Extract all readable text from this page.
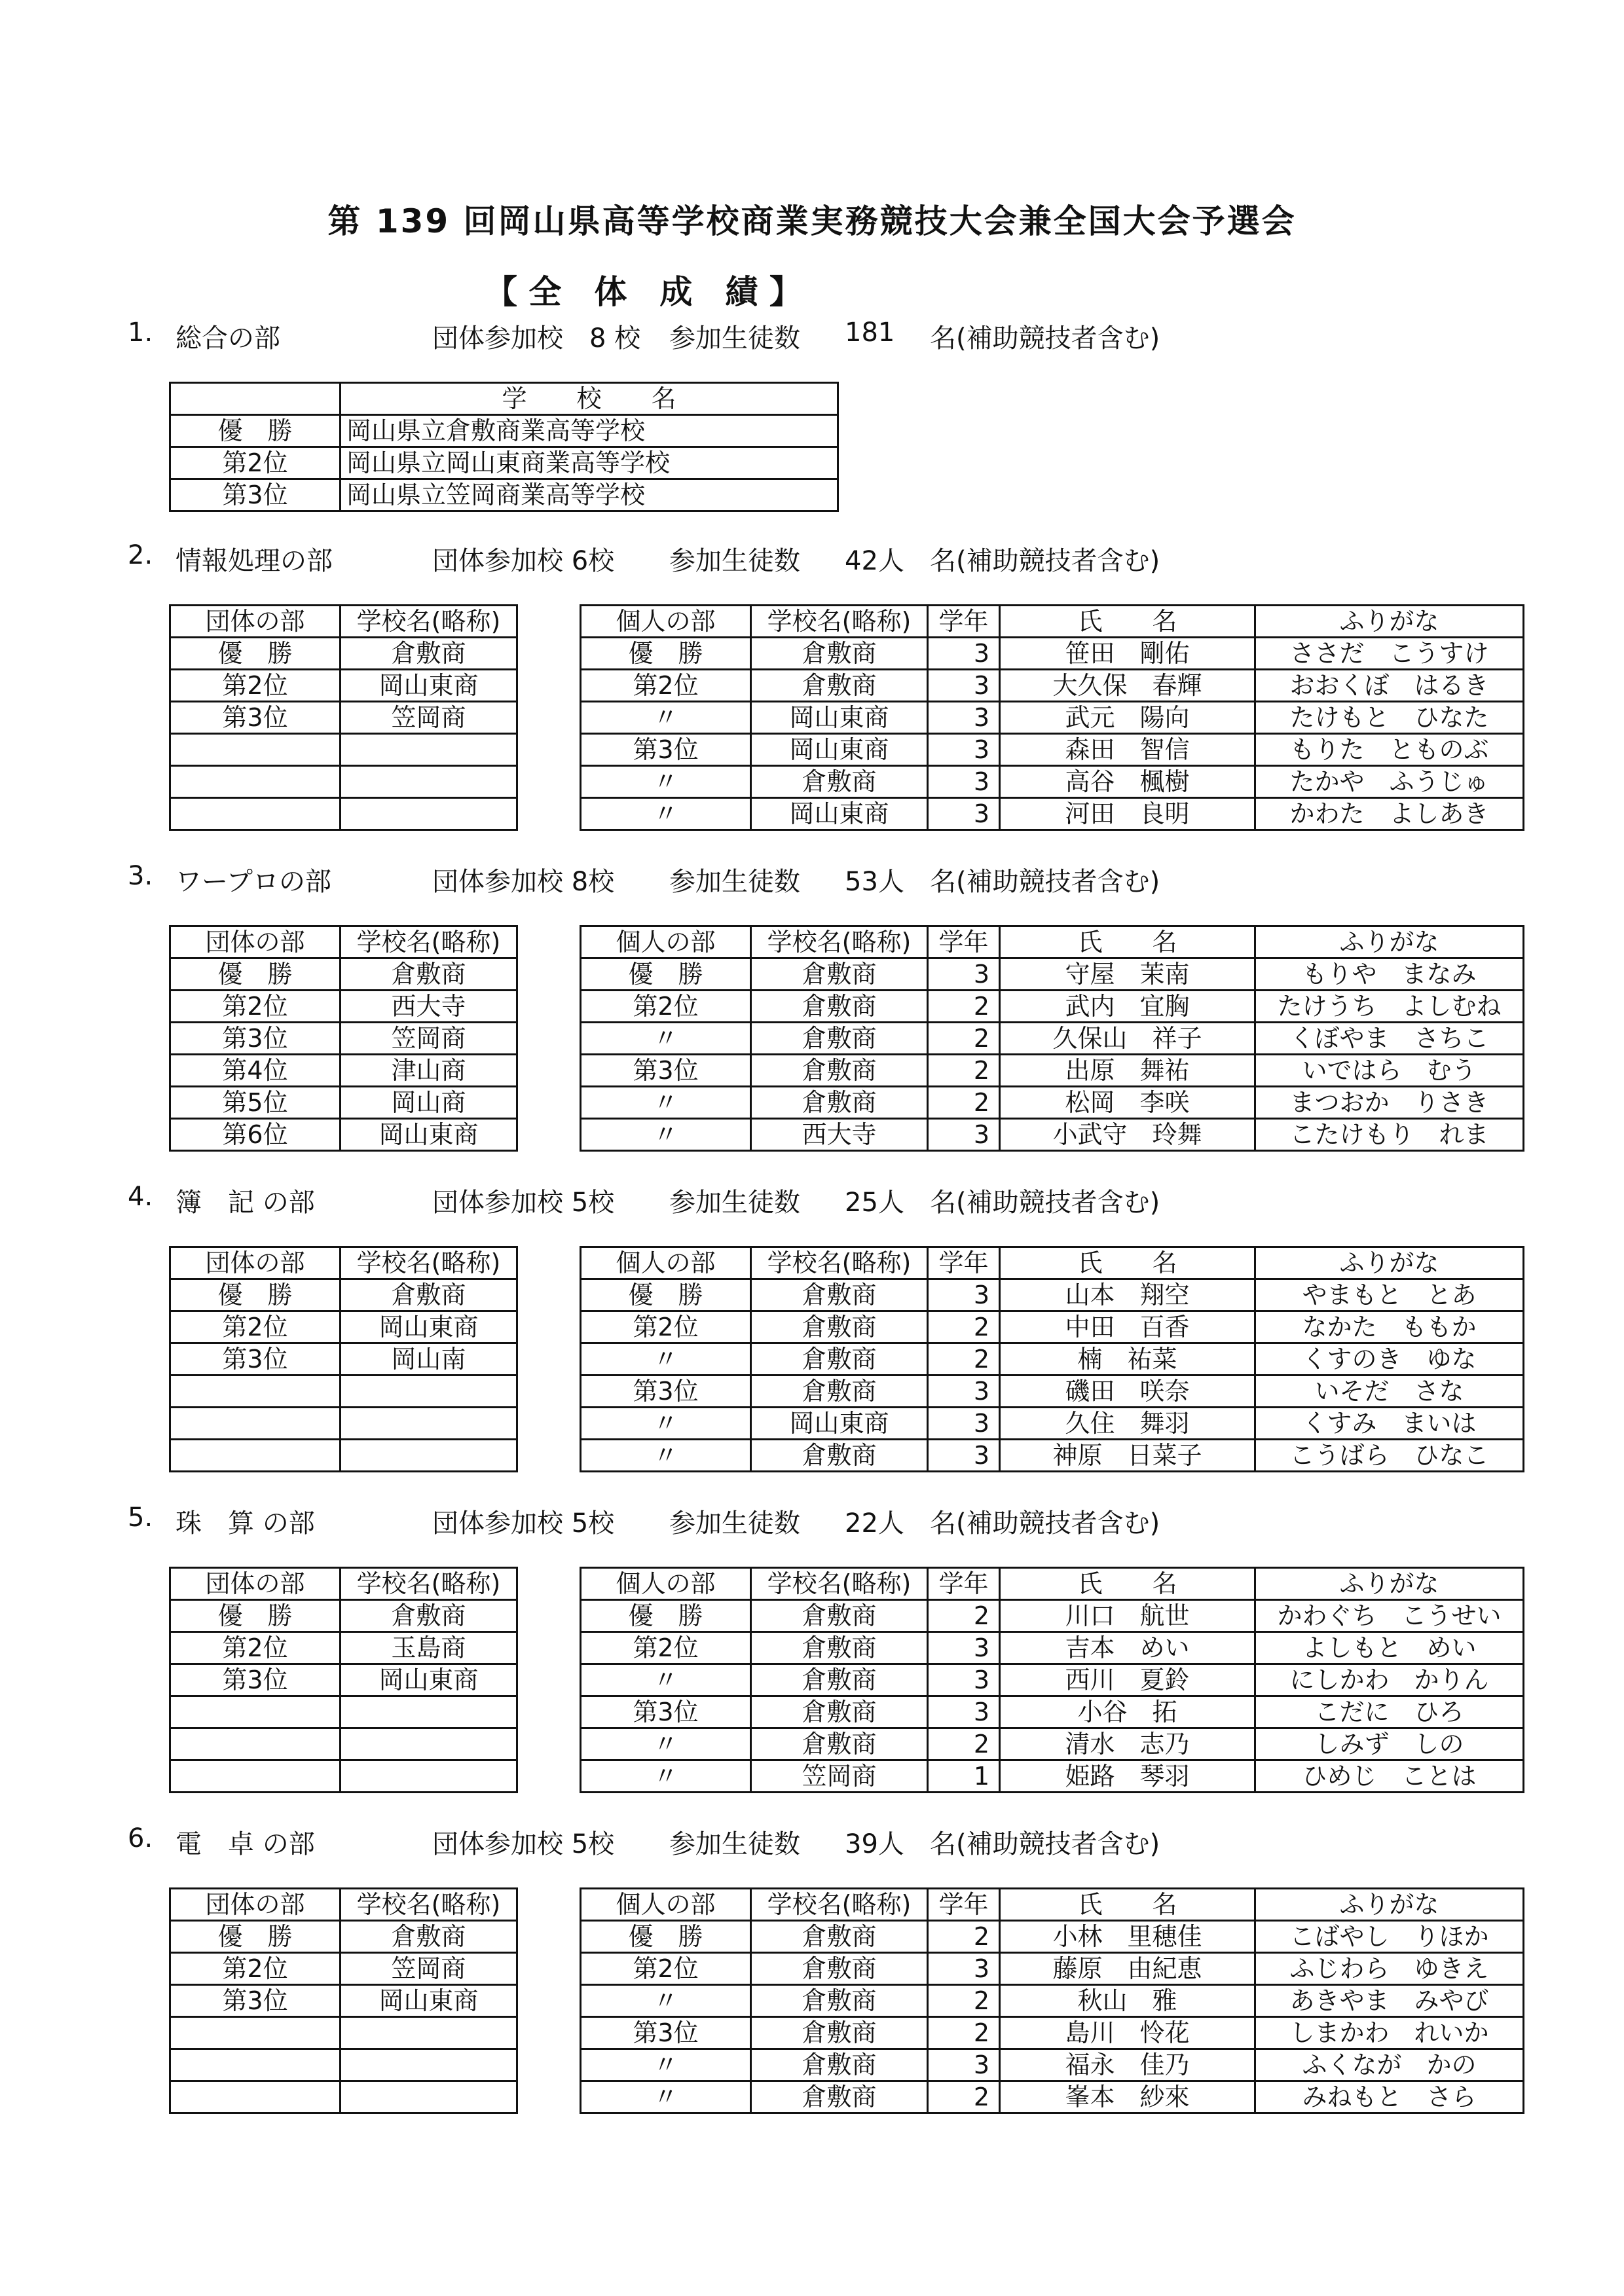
第 139 回岡山県高等学校商業実務競技大会兼全国大会予選会
【 全　体　成　績 】
1. 総合の部	団体参加校　8 校 参加生徒数 181 名(補助競技者含む)
	学　　校　　名
優　勝	岡山県立倉敷商業高等学校
第2位	岡山県立岡山東商業高等学校
第3位	岡山県立笠岡商業高等学校
2. 情報処理の部	団体参加校 6校 参加生徒数 42人 名(補助競技者含む)
団体の部	学校名(略称)
優　勝	倉敷商
第2位	岡山東商
第3位	笠岡商

個人の部	学校名(略称)	学年	氏　　名	ふりがな
優　勝	倉敷商	3	笹田　剛佑	ささだ　こうすけ
第2位	倉敷商	3	大久保　春輝	おおくぼ　はるき
〃	岡山東商	3	武元　陽向	たけもと　ひなた
第3位	岡山東商	3	森田　智信	もりた　とものぶ
〃	倉敷商	3	高谷　楓樹	たかや　ふうじゅ
〃	岡山東商	3	河田　良明	かわた　よしあき
3. ワープロの部	団体参加校 8校 参加生徒数 53人 名(補助競技者含む)
団体の部	学校名(略称)
優　勝	倉敷商
第2位	西大寺
第3位	笠岡商
第4位	津山商
第5位	岡山商
第6位	岡山東商
個人の部	学校名(略称)	学年	氏　　名	ふりがな
優　勝	倉敷商	3	守屋　茉南	もりや　まなみ
第2位	倉敷商	2	武内　宜胸	たけうち　よしむね
〃	倉敷商	2	久保山　祥子	くぼやま　さちこ
第3位	倉敷商	2	出原　舞祐	いではら　むう
〃	倉敷商	2	松岡　李咲	まつおか　りさき
〃	西大寺	3	小武守　玲舞	こたけもり　れま
4. 簿　記 の部	団体参加校 5校 参加生徒数 25人 名(補助競技者含む)
団体の部	学校名(略称)
優　勝	倉敷商
第2位	岡山東商
第3位	岡山南

個人の部	学校名(略称)	学年	氏　　名	ふりがな
優　勝	倉敷商	3	山本　翔空	やまもと　とあ
第2位	倉敷商	2	中田　百香	なかた　ももか
〃	倉敷商	2	楠　祐菜	くすのき　ゆな
第3位	倉敷商	3	磯田　咲奈	いそだ　さな
〃	岡山東商	3	久住　舞羽	くすみ　まいは
〃	倉敷商	3	神原　日菜子	こうばら　ひなこ
5. 珠　算 の部	団体参加校 5校 参加生徒数 22人 名(補助競技者含む)
団体の部	学校名(略称)
優　勝	倉敷商
第2位	玉島商
第3位	岡山東商

個人の部	学校名(略称)	学年	氏　　名	ふりがな
優　勝	倉敷商	2	川口　航世	かわぐち　こうせい
第2位	倉敷商	3	吉本　めい	よしもと　めい
〃	倉敷商	3	西川　夏鈴	にしかわ　かりん
第3位	倉敷商	3	小谷　拓	こだに　ひろ
〃	倉敷商	2	清水　志乃	しみず　しの
〃	笠岡商	1	姫路　琴羽	ひめじ　ことは
6. 電　卓 の部	団体参加校 5校 参加生徒数 39人 名(補助競技者含む)
団体の部	学校名(略称)
優　勝	倉敷商
第2位	笠岡商
第3位	岡山東商

個人の部	学校名(略称)	学年	氏　　名	ふりがな
優　勝	倉敷商	2	小林　里穂佳	こばやし　りほか
第2位	倉敷商	3	藤原　由紀恵	ふじわら　ゆきえ
〃	倉敷商	2	秋山　雅	あきやま　みやび
第3位	倉敷商	2	島川　怜花	しまかわ　れいか
〃	倉敷商	3	福永　佳乃	ふくなが　かの
〃	倉敷商	2	峯本　紗來	みねもと　さら
